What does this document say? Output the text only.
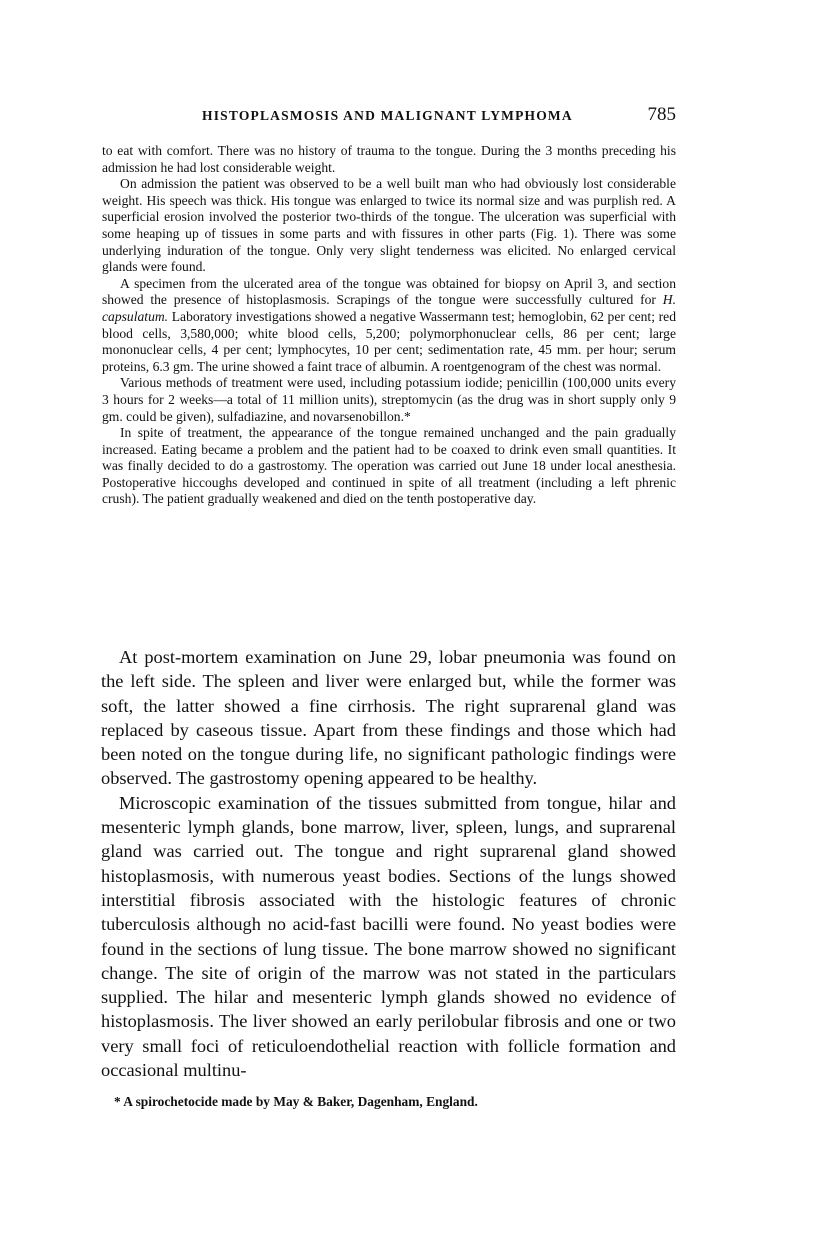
HISTOPLASMOSIS AND MALIGNANT LYMPHOMA	785

to eat with comfort. There was no history of trauma to the tongue. During the 3 months preceding his admission he had lost considerable weight.

On admission the patient was observed to be a well built man who had obviously lost considerable weight. His speech was thick. His tongue was enlarged to twice its normal size and was purplish red. A superficial erosion involved the posterior two-thirds of the tongue. The ulceration was superficial with some heaping up of tissues in some parts and with fissures in other parts (Fig. 1). There was some underlying induration of the tongue. Only very slight tenderness was elicited. No enlarged cervical glands were found.

A specimen from the ulcerated area of the tongue was obtained for biopsy on April 3, and section showed the presence of histoplasmosis. Scrapings of the tongue were successfully cultured for H. capsulatum. Laboratory investigations showed a negative Wassermann test; hemoglobin, 62 per cent; red blood cells, 3,580,000; white blood cells, 5,200; polymorphonuclear cells, 86 per cent; large mononuclear cells, 4 per cent; lymphocytes, 10 per cent; sedimentation rate, 45 mm. per hour; serum proteins, 6.3 gm. The urine showed a faint trace of albumin. A roentgenogram of the chest was normal.

Various methods of treatment were used, including potassium iodide; penicillin (100,000 units every 3 hours for 2 weeks—a total of 11 million units), streptomycin (as the drug was in short supply only 9 gm. could be given), sulfadiazine, and novarsenobillon.*

In spite of treatment, the appearance of the tongue remained unchanged and the pain gradually increased. Eating became a problem and the patient had to be coaxed to drink even small quantities. It was finally decided to do a gastrostomy. The operation was carried out June 18 under local anesthesia. Postoperative hiccoughs developed and continued in spite of all treatment (including a left phrenic crush). The patient gradually weakened and died on the tenth postoperative day.

At post-mortem examination on June 29, lobar pneumonia was found on the left side. The spleen and liver were enlarged but, while the former was soft, the latter showed a fine cirrhosis. The right suprarenal gland was replaced by caseous tissue. Apart from these findings and those which had been noted on the tongue during life, no significant pathologic findings were observed. The gastrostomy opening appeared to be healthy.

Microscopic examination of the tissues submitted from tongue, hilar and mesenteric lymph glands, bone marrow, liver, spleen, lungs, and suprarenal gland was carried out. The tongue and right suprarenal gland showed histoplasmosis, with numerous yeast bodies. Sections of the lungs showed interstitial fibrosis associated with the histologic features of chronic tuberculosis although no acid-fast bacilli were found. No yeast bodies were found in the sections of lung tissue. The bone marrow showed no significant change. The site of origin of the marrow was not stated in the particulars supplied. The hilar and mesenteric lymph glands showed no evidence of histoplasmosis. The liver showed an early perilobular fibrosis and one or two very small foci of reticuloendothelial reaction with follicle formation and occasional multinu-

* A spirochetocide made by May & Baker, Dagenham, England.
